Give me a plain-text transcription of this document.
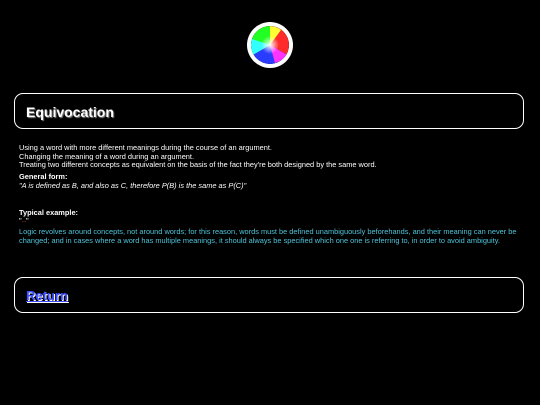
Equivocation

Using a word with more different meanings during the course of an argument.

Changing the meaning of a word during an argument.

Treating two different concepts as equivalent on the basis of the fact they're both designed by the same word.

General form:

"A is defined as B, and also as C, therefore P(B) is the same as P(C)"

Typical example:

" ... "

Logic revolves around concepts, not around words; for this reason, words must be defined unambiguously beforehands, and their meaning can never be changed; and in cases where a word has multiple meanings, it should always be specified which one one is referring to, in order to avoid ambiguity.

Return
